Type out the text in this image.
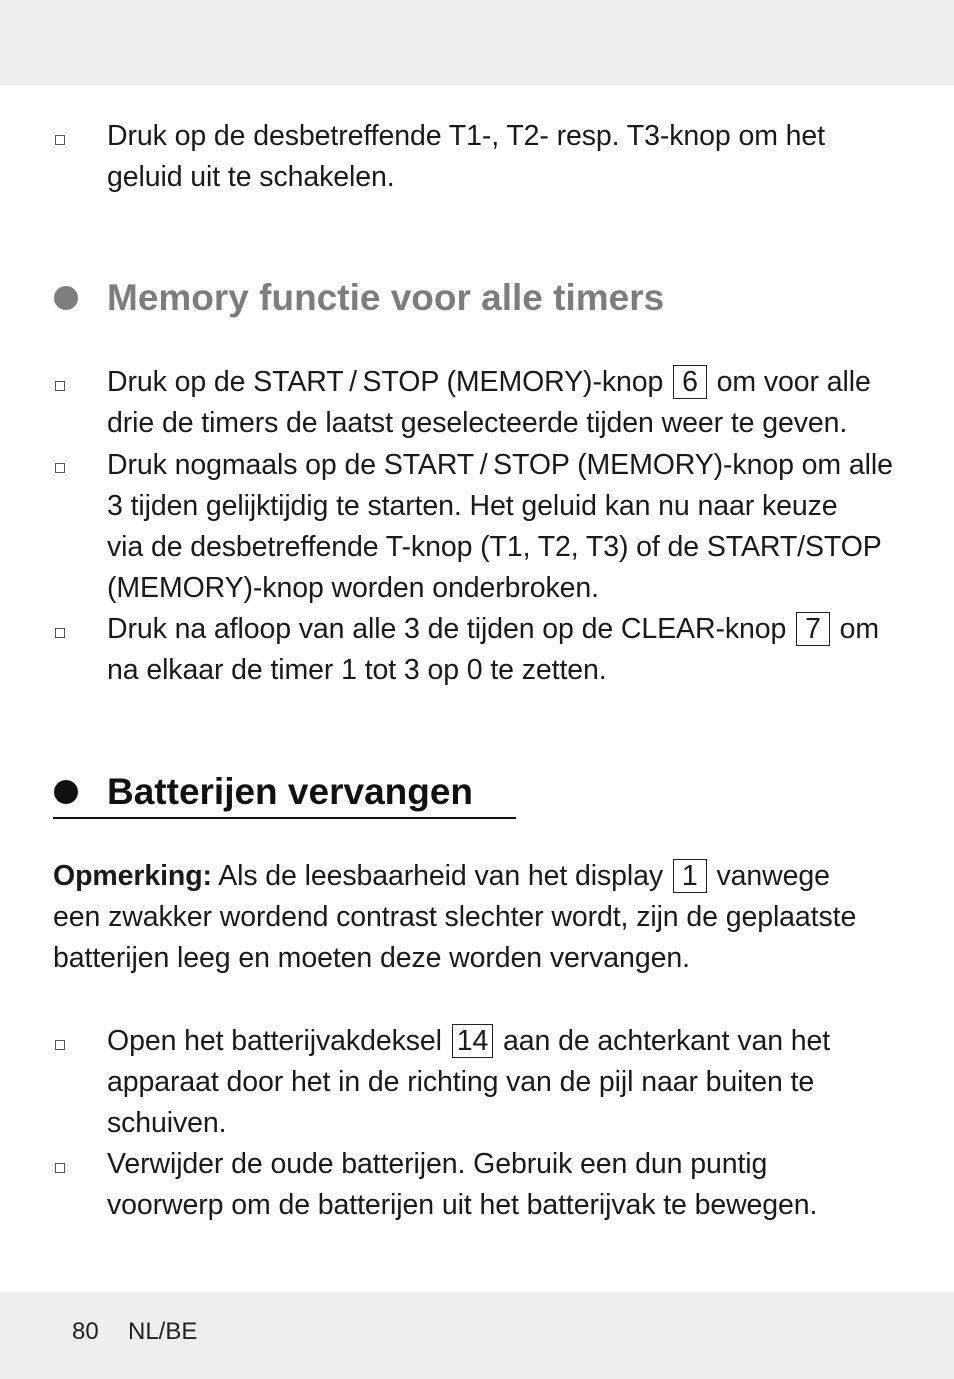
Druk op de desbetreffende T1-, T2- resp. T3-knop om het
geluid uit te schakelen.
Memory functie voor alle timers
Druk op de START / STOP (MEMORY)-knop 6 om voor alle
drie de timers de laatst geselecteerde tijden weer te geven.
Druk nogmaals op de START / STOP (MEMORY)-knop om alle
3 tijden gelijktijdig te starten. Het geluid kan nu naar keuze
via de desbetreffende T-knop (T1, T2, T3) of de START/STOP
(MEMORY)-knop worden onderbroken.
Druk na afloop van alle 3 de tijden op de CLEAR-knop 7 om
na elkaar de timer 1 tot 3 op 0 te zetten.
Batterijen vervangen
Opmerking: Als de leesbaarheid van het display 1 vanwege
een zwakker wordend contrast slechter wordt, zijn de geplaatste
batterijen leeg en moeten deze worden vervangen.
Open het batterijvakdeksel 14 aan de achterkant van het
apparaat door het in de richting van de pijl naar buiten te
schuiven.
Verwijder de oude batterijen. Gebruik een dun puntig
voorwerp om de batterijen uit het batterijvak te bewegen.
80 NL/BE
